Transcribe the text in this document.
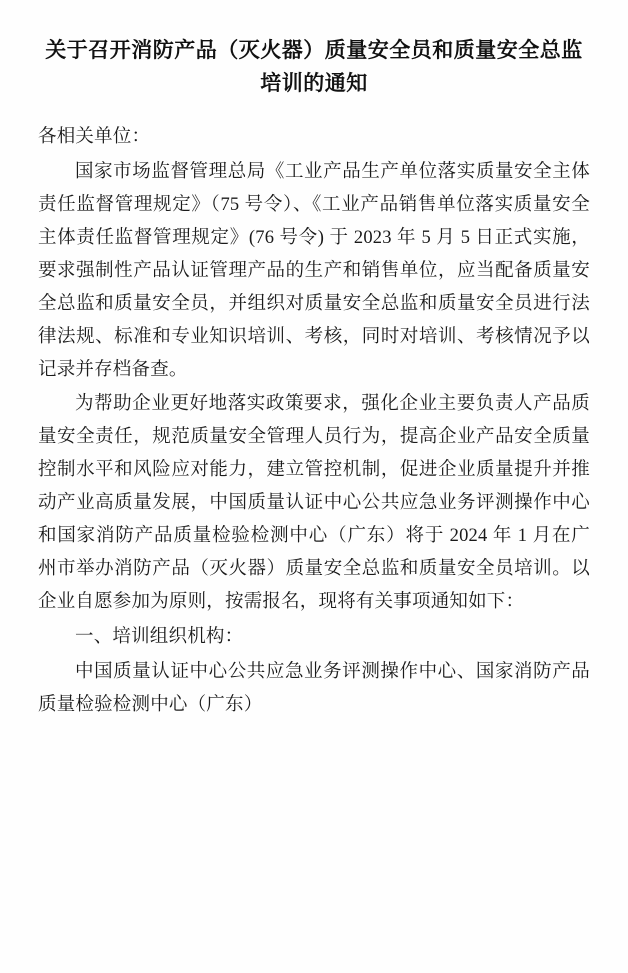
关于召开消防产品（灭火器）质量安全员和质量安全总监培训的通知

各相关单位：

国家市场监督管理总局《工业产品生产单位落实质量安全主体责任监督管理规定》（75 号令）、《工业产品销售单位落实质量安全主体责任监督管理规定》(76 号令) 于 2023 年 5 月 5 日正式实施，要求强制性产品认证管理产品的生产和销售单位，应当配备质量安全总监和质量安全员，并组织对质量安全总监和质量安全员进行法律法规、标准和专业知识培训、考核，同时对培训、考核情况予以记录并存档备查。

为帮助企业更好地落实政策要求，强化企业主要负责人产品质量安全责任，规范质量安全管理人员行为，提高企业产品安全质量控制水平和风险应对能力，建立管控机制，促进企业质量提升并推动产业高质量发展，中国质量认证中心公共应急业务评测操作中心和国家消防产品质量检验检测中心（广东）将于 2024 年 1 月在广州市举办消防产品（灭火器）质量安全总监和质量安全员培训。以企业自愿参加为原则，按需报名，现将有关事项通知如下：

一、培训组织机构：

中国质量认证中心公共应急业务评测操作中心、国家消防产品质量检验检测中心（广东）
